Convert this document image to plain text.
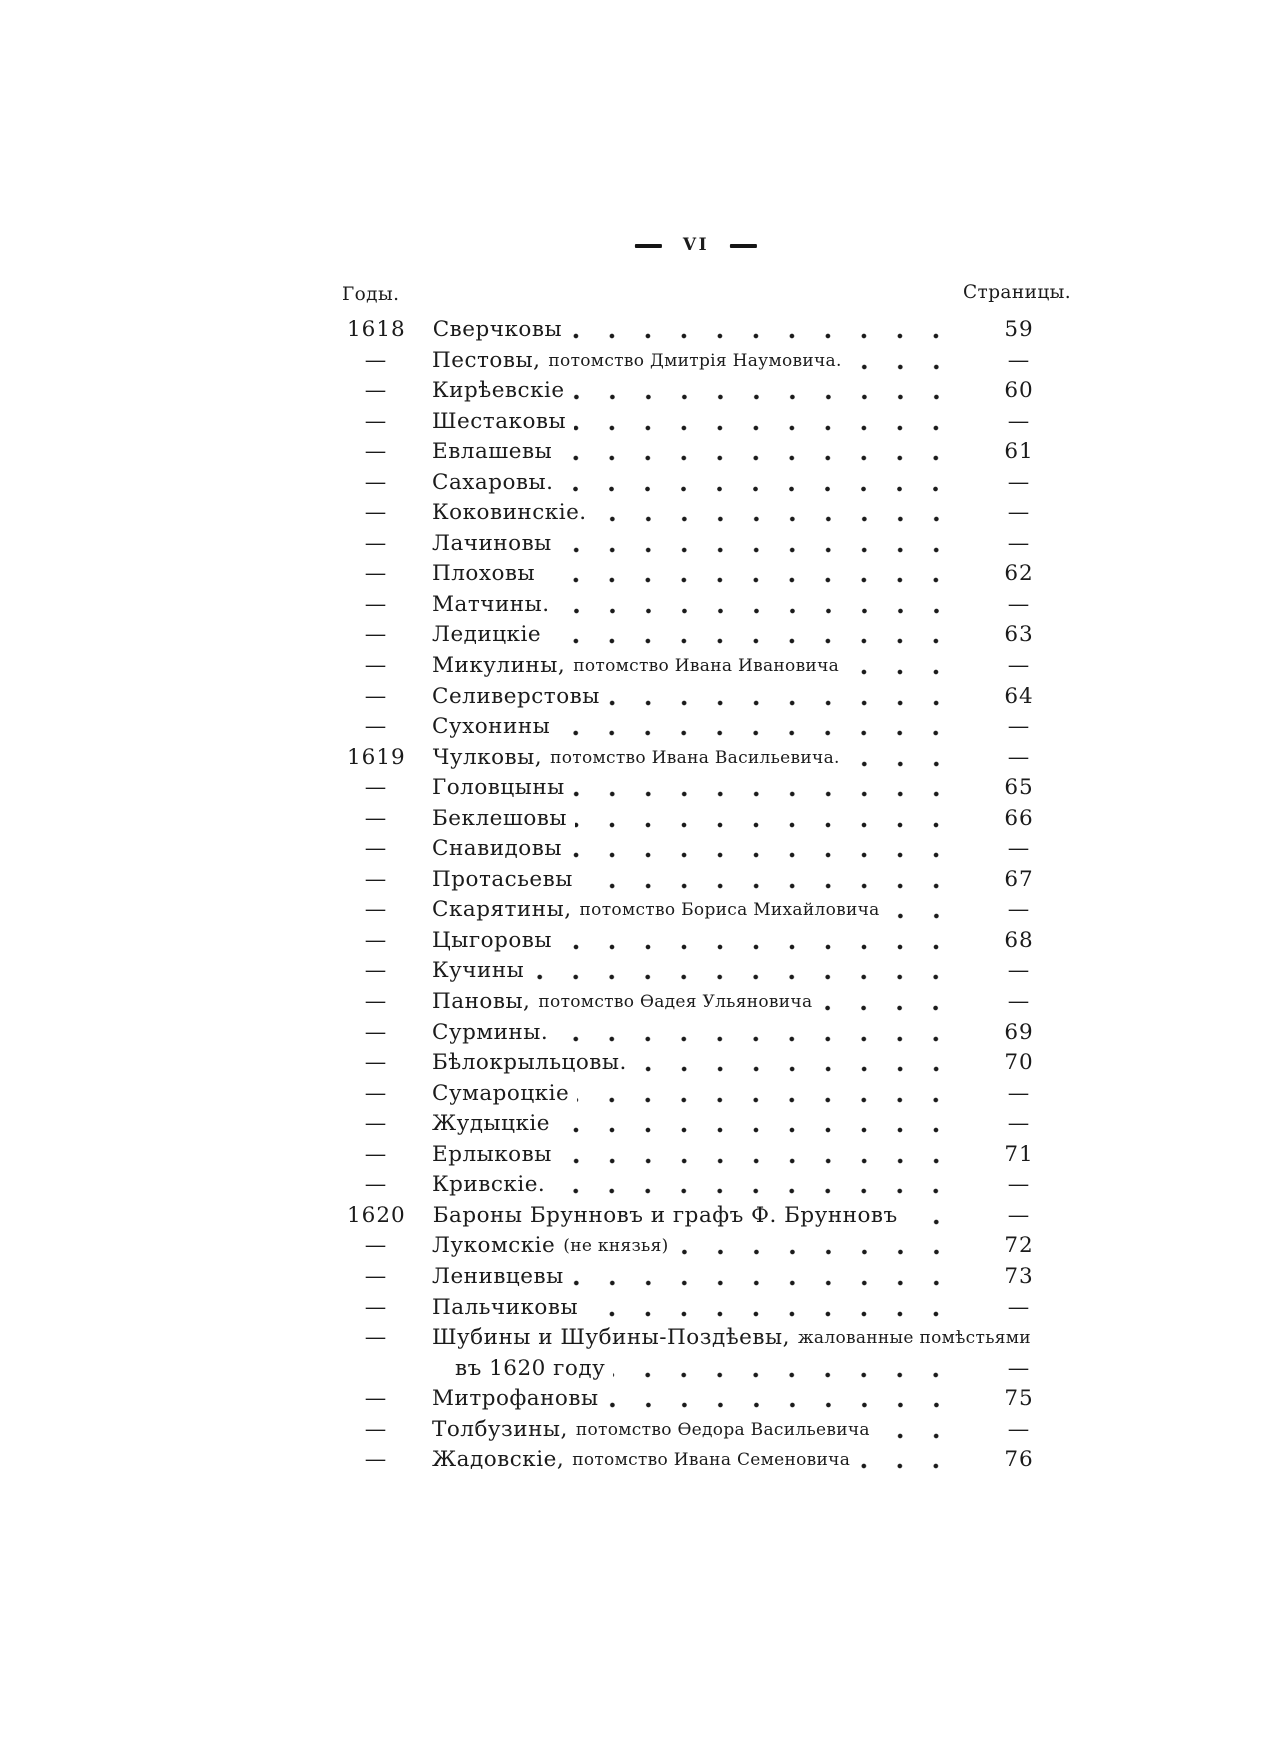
VI
Годы.	Страницы.
1618 Сверчковы	59
—	Пестовы, потомство Дмитрія Наумовича.	—
—	Кирѣевскіе	60
—	Шестаковы	—
—	Евлашевы	61
—	Сахаровы.	—
—	Коковинскіе.	—
—	Лачиновы	—
—	Плоховы	62
—	Матчины.	—
—	Ледицкіе	63
—	Микулины, потомство Ивана Ивановича	—
—	Селиверстовы	64
—	Сухонины	—
1619 Чулковы, потомство Ивана Васильевича.	—
—	Головцыны	65
—	Беклешовы	66
—	Снавидовы	—
—	Протасьевы	67
—	Скарятины, потомство Бориса Михайловича	—
—	Цыгоровы	68
—	Кучины	—
—	Пановы, потомство Ѳадея Ульяновича	—
—	Сурмины.	69
—	Бѣлокрыльцовы.	70
—	Сумароцкіе	—
—	Жудыцкіе	—
—	Ерлыковы	71
—	Кривскіе.	—
1620 Бароны Брунновъ и графъ Ф. Брунновъ	—
—	Лукомскіе (не князья)	72
—	Ленивцевы	73
—	Пальчиковы	—
—	Шубины и Шубины-Поздѣевы, жалованные помѣстьями
въ 1620 году	—
—	Митрофановы	75
—	Толбузины, потомство Ѳедора Васильевича	—
—	Жадовскіе, потомство Ивана Семеновича	76
